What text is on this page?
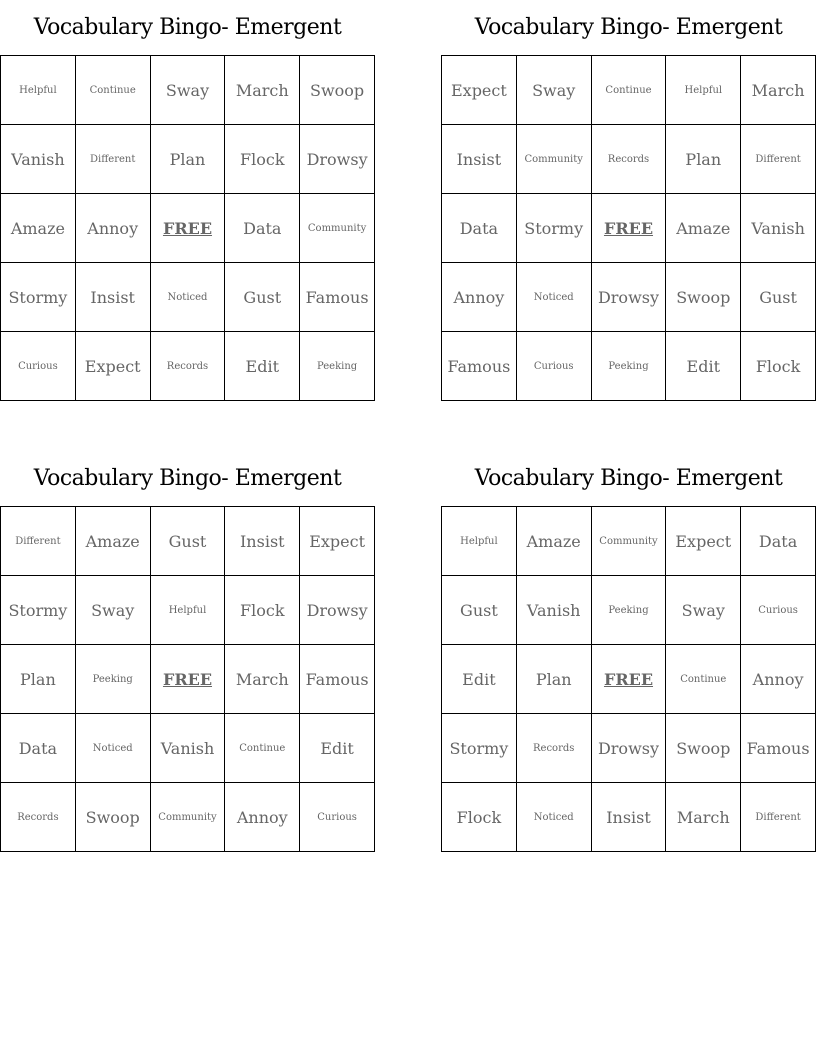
Vocabulary Bingo- Emergent
Helpful	Continue	Sway	March	Swoop
Vanish	Different	Plan	Flock	Drowsy
Amaze	Annoy	FREE	Data	Community
Stormy	Insist	Noticed	Gust	Famous
Curious	Expect	Records	Edit	Peeking
Vocabulary Bingo- Emergent
Expect	Sway	Continue	Helpful	March
Insist	Community	Records	Plan	Different
Data	Stormy	FREE	Amaze	Vanish
Annoy	Noticed	Drowsy	Swoop	Gust
Famous	Curious	Peeking	Edit	Flock
Vocabulary Bingo- Emergent
Different	Amaze	Gust	Insist	Expect
Stormy	Sway	Helpful	Flock	Drowsy
Plan	Peeking	FREE	March	Famous
Data	Noticed	Vanish	Continue	Edit
Records	Swoop	Community	Annoy	Curious
Vocabulary Bingo- Emergent
Helpful	Amaze	Community	Expect	Data
Gust	Vanish	Peeking	Sway	Curious
Edit	Plan	FREE	Continue	Annoy
Stormy	Records	Drowsy	Swoop	Famous
Flock	Noticed	Insist	March	Different
